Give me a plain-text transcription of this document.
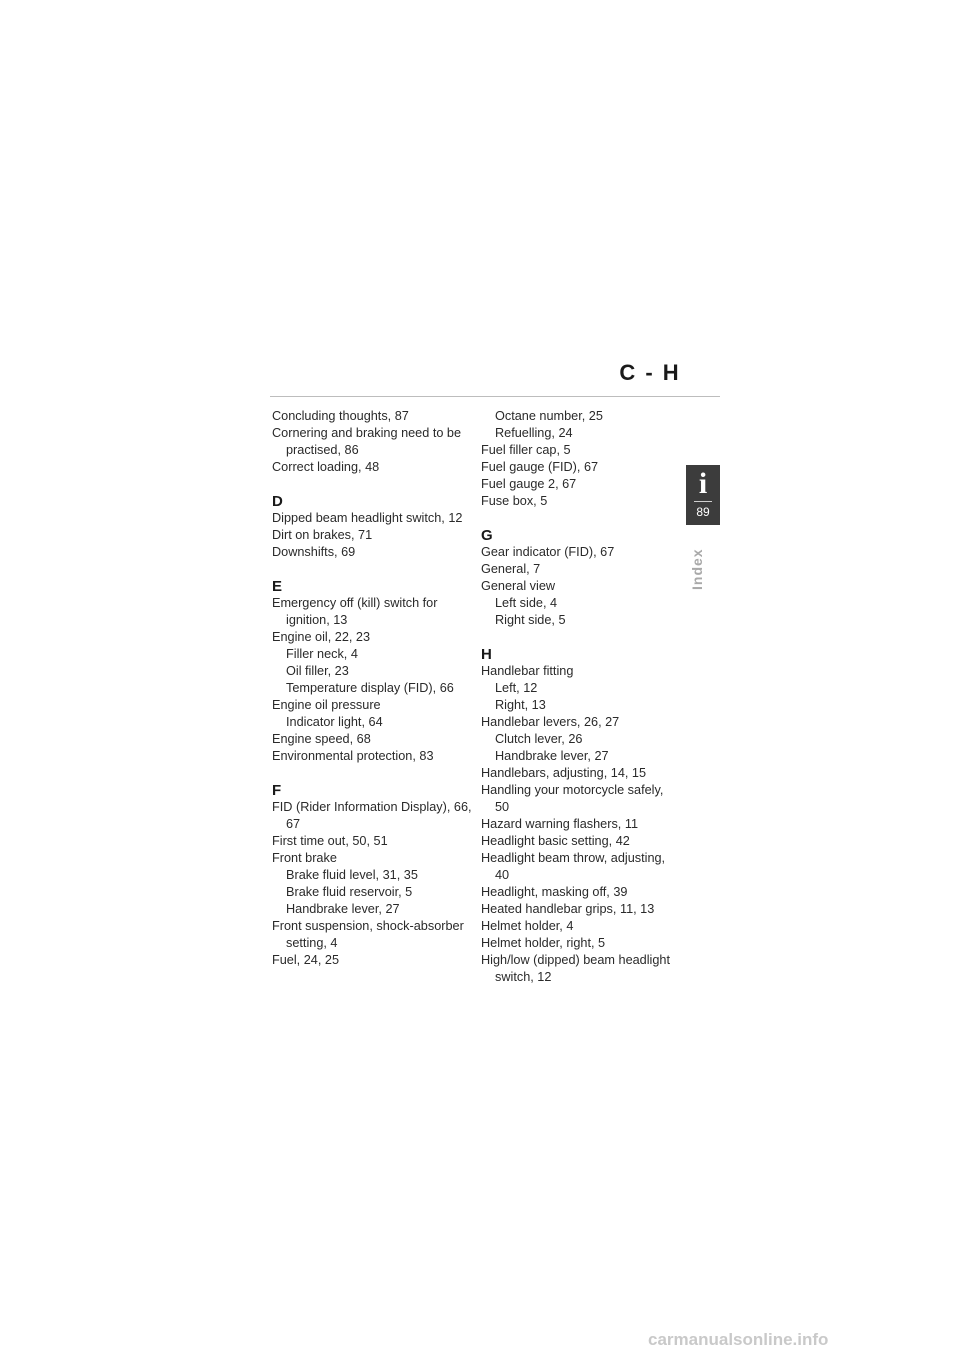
C - H
i
89
Index
Concluding thoughts, 87
Cornering and braking need to be practised, 86
Correct loading, 48
D
Dipped beam headlight switch, 12
Dirt on brakes, 71
Downshifts, 69
E
Emergency off (kill) switch for ignition, 13
Engine oil, 22, 23
Filler neck, 4
Oil filler, 23
Temperature display (FID), 66
Engine oil pressure
Indicator light, 64
Engine speed, 68
Environmental protection, 83
F
FID (Rider Information Display), 66, 67
First time out, 50, 51
Front brake
Brake fluid level, 31, 35
Brake fluid reservoir, 5
Handbrake lever, 27
Front suspension, shock-absorber setting, 4
Fuel, 24, 25
Octane number, 25
Refuelling, 24
Fuel filler cap, 5
Fuel gauge (FID), 67
Fuel gauge 2, 67
Fuse box, 5
G
Gear indicator (FID), 67
General, 7
General view
Left side, 4
Right side, 5
H
Handlebar fitting
Left, 12
Right, 13
Handlebar levers, 26, 27
Clutch lever, 26
Handbrake lever, 27
Handlebars, adjusting, 14, 15
Handling your motorcycle safely, 50
Hazard warning flashers, 11
Headlight basic setting, 42
Headlight beam throw, adjusting, 40
Headlight, masking off, 39
Heated handlebar grips, 11, 13
Helmet holder, 4
Helmet holder, right, 5
High/low (dipped) beam headlight switch, 12
carmanualsonline.info
